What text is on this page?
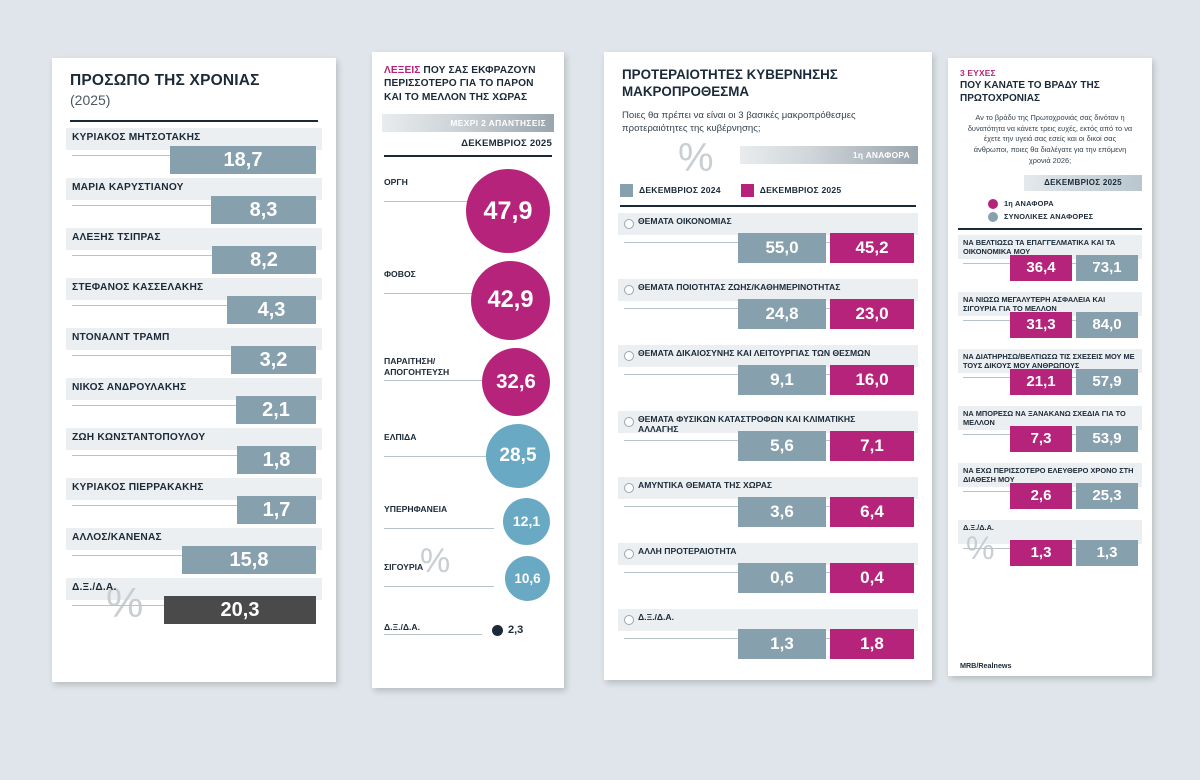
ΠΡΟΣΩΠΟ ΤΗΣ ΧΡΟΝΙΑΣ
(2025)
ΚΥΡΙΑΚΟΣ ΜΗΤΣΟΤΑΚΗΣ
18,7
ΜΑΡΙΑ ΚΑΡΥΣΤΙΑΝΟΥ
8,3
ΑΛΕΞΗΣ ΤΣΙΠΡΑΣ
8,2
ΣΤΕΦΑΝΟΣ ΚΑΣΣΕΛΑΚΗΣ
4,3
ΝΤΟΝΑΛΝΤ ΤΡΑΜΠ
3,2
ΝΙΚΟΣ ΑΝΔΡΟΥΛΑΚΗΣ
2,1
ΖΩΗ ΚΩΝΣΤΑΝΤΟΠΟΥΛΟΥ
1,8
ΚΥΡΙΑΚΟΣ ΠΙΕΡΡΑΚΑΚΗΣ
1,7
ΑΛΛΟΣ/ΚΑΝΕΝΑΣ
15,8
%
Δ.Ξ./Δ.Α.
20,3
ΛΕΞΕΙΣ ΠΟΥ ΣΑΣ ΕΚΦΡΑΖΟΥΝ ΠΕΡΙΣΣΟΤΕΡΟ ΓΙΑ ΤΟ ΠΑΡΟΝ ΚΑΙ ΤΟ ΜΕΛΛΟΝ ΤΗΣ ΧΩΡΑΣ
ΜΕΧΡΙ 2 ΑΠΑΝΤΗΣΕΙΣ
ΔΕΚΕΜΒΡΙΟΣ 2025
ΟΡΓΗ
47,9
ΦΟΒΟΣ
42,9
ΠΑΡΑΙΤΗΣΗ/ ΑΠΟΓΟΗΤΕΥΣΗ	32,6
ΕΛΠΙΔΑ
28,5
ΥΠΕΡΗΦΑΝΕΙΑ
12,1
ΣΙΓΟΥΡΙΑ
%	10,6
Δ.Ξ./Δ.Α.	2,3
ΠΡΟΤΕΡΑΙΟΤΗΤΕΣ ΚΥΒΕΡΝΗΣΗΣ ΜΑΚΡΟΠΡΟΘΕΣΜΑ
Ποιες θα πρέπει να είναι οι 3 βασικές μακροπρόθεσμες προτεραιότητες της κυβέρνησης;
%	1η ΑΝΑΦΟΡΑ
ΔΕΚΕΜΒΡΙΟΣ 2024	ΔΕΚΕΜΒΡΙΟΣ 2025
ΘΕΜΑΤΑ ΟΙΚΟΝΟΜΙΑΣ
55,0	45,2
ΘΕΜΑΤΑ ΠΟΙΟΤΗΤΑΣ ΖΩΗΣ/ΚΑΘΗΜΕΡΙΝΟΤΗΤΑΣ
24,8	23,0
ΘΕΜΑΤΑ ΔΙΚΑΙΟΣΥΝΗΣ ΚΑΙ ΛΕΙΤΟΥΡΓΙΑΣ ΤΩΝ ΘΕΣΜΩΝ
9,1	16,0
ΘΕΜΑΤΑ ΦΥΣΙΚΩΝ ΚΑΤΑΣΤΡΟΦΩΝ ΚΑΙ ΚΛΙΜΑΤΙΚΗΣ ΑΛΛΑΓΗΣ
5,6	7,1
ΑΜΥΝΤΙΚΑ ΘΕΜΑΤΑ ΤΗΣ ΧΩΡΑΣ
3,6	6,4
ΑΛΛΗ ΠΡΟΤΕΡΑΙΟΤΗΤΑ
0,6	0,4
Δ.Ξ./Δ.Α.
1,3	1,8
3 ΕΥΧΕΣ
ΠΟΥ ΚΑΝΑΤΕ ΤΟ ΒΡΑΔΥ ΤΗΣ ΠΡΩΤΟΧΡΟΝΙΑΣ
Αν το βράδυ της Πρωτοχρονιάς σας δινόταν η δυνατότητα να κάνετε τρεις ευχές, εκτός από το να έχετε την υγειά σας εσείς και οι δικοί σας άνθρωποι, ποιες θα διαλέγατε για την επόμενη χρονιά 2026;
ΔΕΚΕΜΒΡΙΟΣ 2025
1η ΑΝΑΦΟΡΑ
ΣΥΝΟΛΙΚΕΣ ΑΝΑΦΟΡΕΣ
ΝΑ ΒΕΛΤΙΩΣΩ ΤΑ ΕΠΑΓΓΕΛΜΑΤΙΚΑ ΚΑΙ ΤΑ ΟΙΚΟΝΟΜΙΚΑ ΜΟΥ
36,4	73,1
ΝΑ ΝΙΩΣΩ ΜΕΓΑΛΥΤΕΡΗ ΑΣΦΑΛΕΙΑ ΚΑΙ ΣΙΓΟΥΡΙΑ ΓΙΑ ΤΟ ΜΕΛΛΟΝ
31,3	84,0
ΝΑ ΔΙΑΤΗΡΗΣΩ/ΒΕΛΤΙΩΣΩ ΤΙΣ ΣΧΕΣΕΙΣ ΜΟΥ ΜΕ ΤΟΥΣ ΔΙΚΟΥΣ ΜΟΥ ΑΝΘΡΩΠΟΥΣ
21,1	57,9
ΝΑ ΜΠΟΡΕΣΩ ΝΑ ΞΑΝΑΚΑΝΩ ΣΧΕΔΙΑ ΓΙΑ ΤΟ ΜΕΛΛΟΝ
7,3	53,9
ΝΑ ΕΧΩ ΠΕΡΙΣΣΟΤΕΡΟ ΕΛΕΥΘΕΡΟ ΧΡΟΝΟ ΣΤΗ ΔΙΑΘΕΣΗ ΜΟΥ
2,6	25,3
%
Δ.Ξ./Δ.Α.
1,3	1,3
MRB/Realnews
